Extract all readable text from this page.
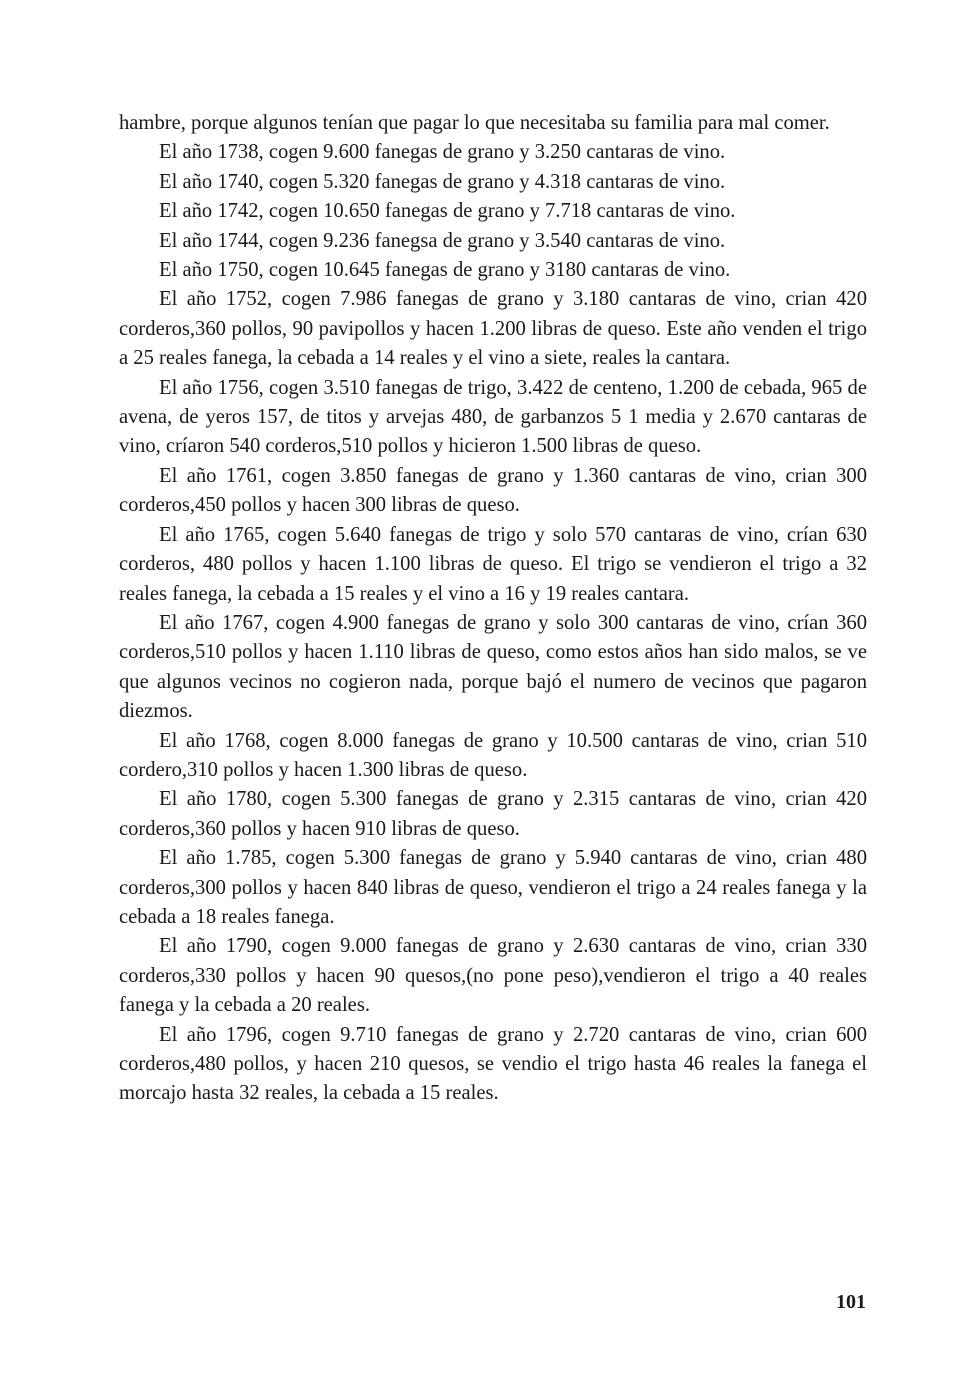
hambre, porque algunos tenían que pagar lo que necesitaba su familia para mal comer.

El año 1738, cogen 9.600 fanegas de grano y 3.250 cantaras de vino.

El año 1740, cogen 5.320 fanegas de grano y 4.318 cantaras de vino.

El año 1742, cogen 10.650 fanegas de grano y 7.718 cantaras de vino.

El año 1744, cogen 9.236 fanegsa de grano y 3.540 cantaras de vino.

El año 1750, cogen 10.645 fanegas de grano y 3180 cantaras de vino.

El año 1752, cogen 7.986 fanegas de grano y 3.180 cantaras de vino, crian 420 corderos,360 pollos, 90 pavipollos y hacen 1.200 libras de queso. Este año venden el trigo a 25 reales fanega, la cebada a 14 reales y el vino a siete, reales la cantara.

El año 1756, cogen 3.510 fanegas de trigo, 3.422 de centeno, 1.200 de cebada, 965 de avena, de yeros 157, de titos y arvejas 480, de garbanzos 5 1 media y 2.670 cantaras de vino, críaron 540 corderos,510 pollos y hicieron 1.500 libras de queso.

El año 1761, cogen 3.850 fanegas de grano y 1.360 cantaras de vino, crian 300 corderos,450 pollos y hacen 300 libras de queso.

El año 1765, cogen 5.640 fanegas de trigo y solo 570 cantaras de vino, crían 630 corderos, 480 pollos y hacen 1.100 libras de queso. El trigo se vendieron el trigo a 32 reales fanega, la cebada a 15 reales y el vino a 16 y 19 reales cantara.

El año 1767, cogen 4.900 fanegas de grano y solo 300 cantaras de vino, crían 360 corderos,510 pollos y hacen 1.110 libras de queso, como estos años han sido malos, se ve que algunos vecinos no cogieron nada, porque bajó el numero de vecinos que pagaron diezmos.

El año 1768, cogen 8.000 fanegas de grano y 10.500 cantaras de vino, crian 510 cordero,310 pollos y hacen 1.300 libras de queso.

El año 1780, cogen 5.300 fanegas de grano y 2.315 cantaras de vino, crian 420 corderos,360 pollos y hacen 910 libras de queso.

El año 1.785, cogen 5.300 fanegas de grano y 5.940 cantaras de vino, crian 480 corderos,300 pollos y hacen 840 libras de queso, vendieron el trigo a 24 reales fanega y la cebada a 18 reales fanega.

El año 1790, cogen 9.000 fanegas de grano y 2.630 cantaras de vino, crian 330 corderos,330 pollos y hacen 90 quesos,(no pone peso),vendieron el trigo a 40 reales fanega y la cebada a 20 reales.

El año 1796, cogen 9.710 fanegas de grano y 2.720 cantaras de vino, crian 600 corderos,480 pollos, y hacen 210 quesos, se vendio el trigo hasta 46 reales la fanega el morcajo hasta 32 reales, la cebada a 15 reales.

101
